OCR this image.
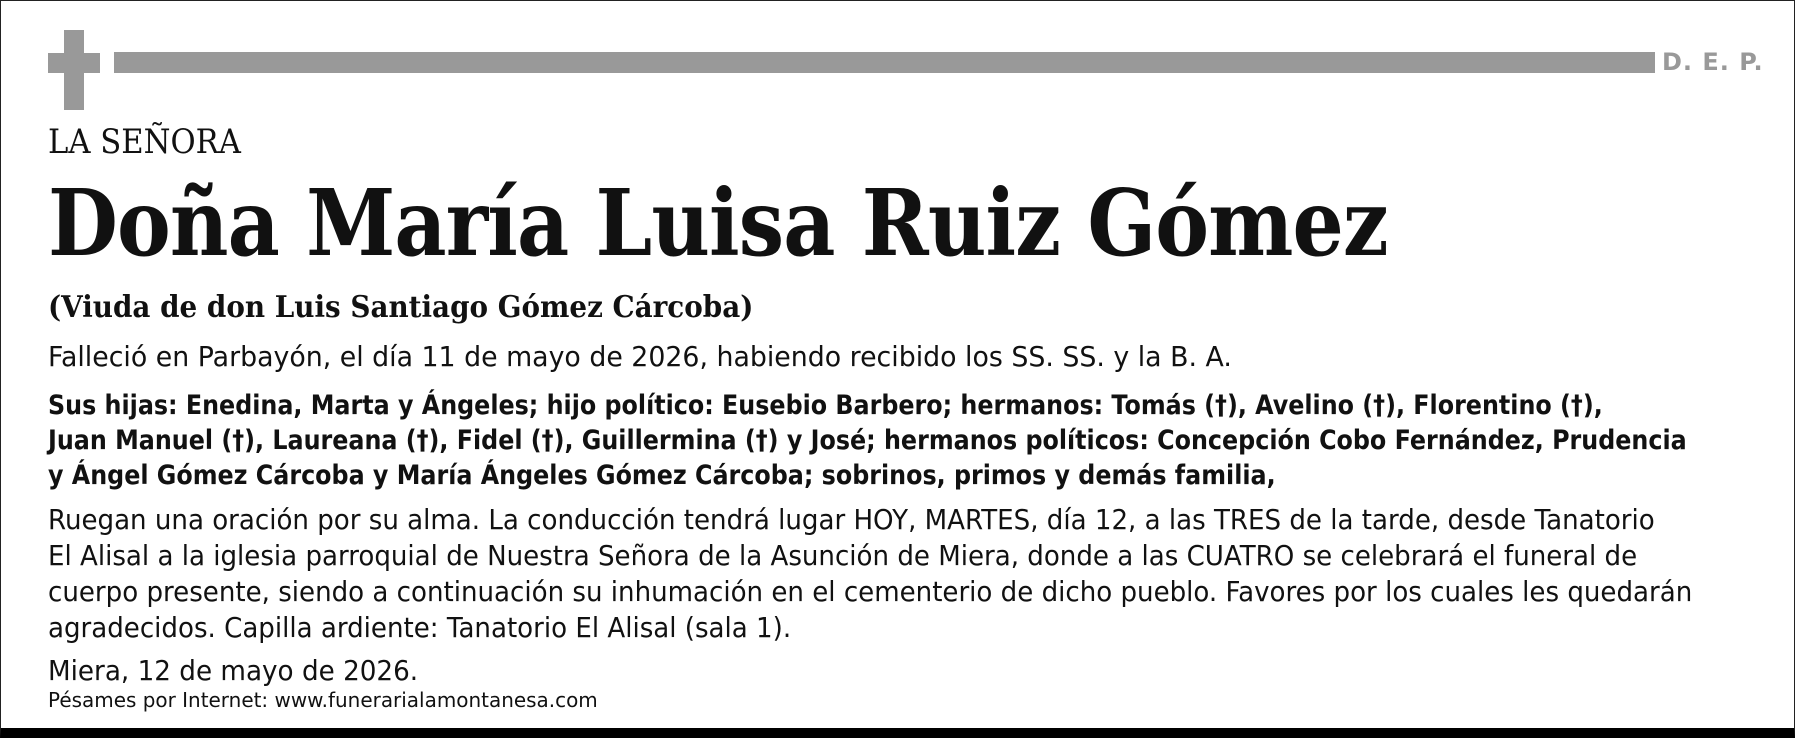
D. E. P.
LA SEÑORA
Doña María Luisa Ruiz Gómez
(Viuda de don Luis Santiago Gómez Cárcoba)
Falleció en Parbayón, el día 11 de mayo de 2026, habiendo recibido los SS. SS. y la B. A.
Sus hijas: Enedina, Marta y Ángeles; hijo político: Eusebio Barbero; hermanos: Tomás (†), Avelino (†), Florentino (†),
Juan Manuel (†), Laureana (†), Fidel (†), Guillermina (†) y José; hermanos políticos: Concepción Cobo Fernández, Prudencia
y Ángel Gómez Cárcoba y María Ángeles Gómez Cárcoba; sobrinos, primos y demás familia,
Ruegan una oración por su alma. La conducción tendrá lugar HOY, MARTES, día 12, a las TRES de la tarde, desde Tanatorio
El Alisal a la iglesia parroquial de Nuestra Señora de la Asunción de Miera, donde a las CUATRO se celebrará el funeral de
cuerpo presente, siendo a continuación su inhumación en el cementerio de dicho pueblo. Favores por los cuales les quedarán
agradecidos. Capilla ardiente: Tanatorio El Alisal (sala 1).
Miera, 12 de mayo de 2026.
Pésames por Internet: www.funerarialamontanesa.com
